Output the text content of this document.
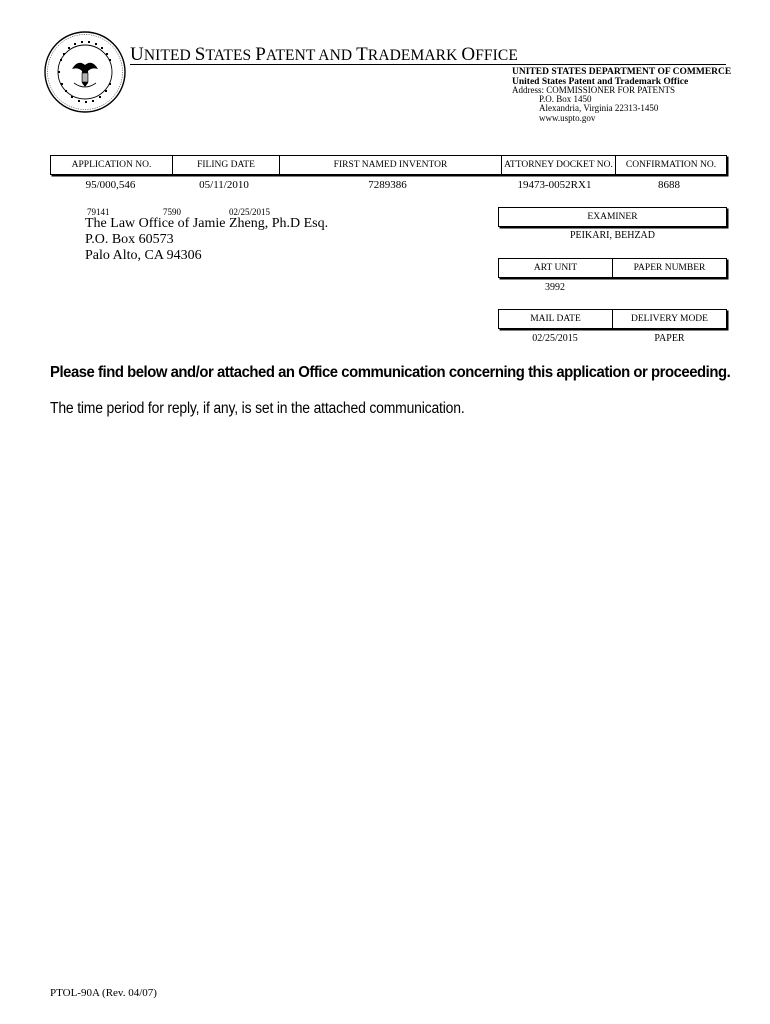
UNITED STATES PATENT AND TRADEMARK OFFICE
UNITED STATES DEPARTMENT OF COMMERCE
United States Patent and Trademark Office
Address: COMMISSIONER FOR PATENTS
P.O. Box 1450
Alexandria, Virginia 22313-1450
www.uspto.gov
APPLICATION NO.	FILING DATE	FIRST NAMED INVENTOR	ATTORNEY DOCKET NO.	CONFIRMATION NO.
95/000,546	05/11/2010	7289386	19473-0052RX1	8688
79141	7590	02/25/2015
The Law Office of Jamie Zheng, Ph.D Esq.
P.O. Box 60573
Palo Alto, CA 94306
EXAMINER
PEIKARI, BEHZAD
ART UNIT	PAPER NUMBER
3992
MAIL DATE	DELIVERY MODE
02/25/2015	PAPER
Please find below and/or attached an Office communication concerning this application or proceeding.
The time period for reply, if any, is set in the attached communication.
PTOL-90A (Rev. 04/07)
